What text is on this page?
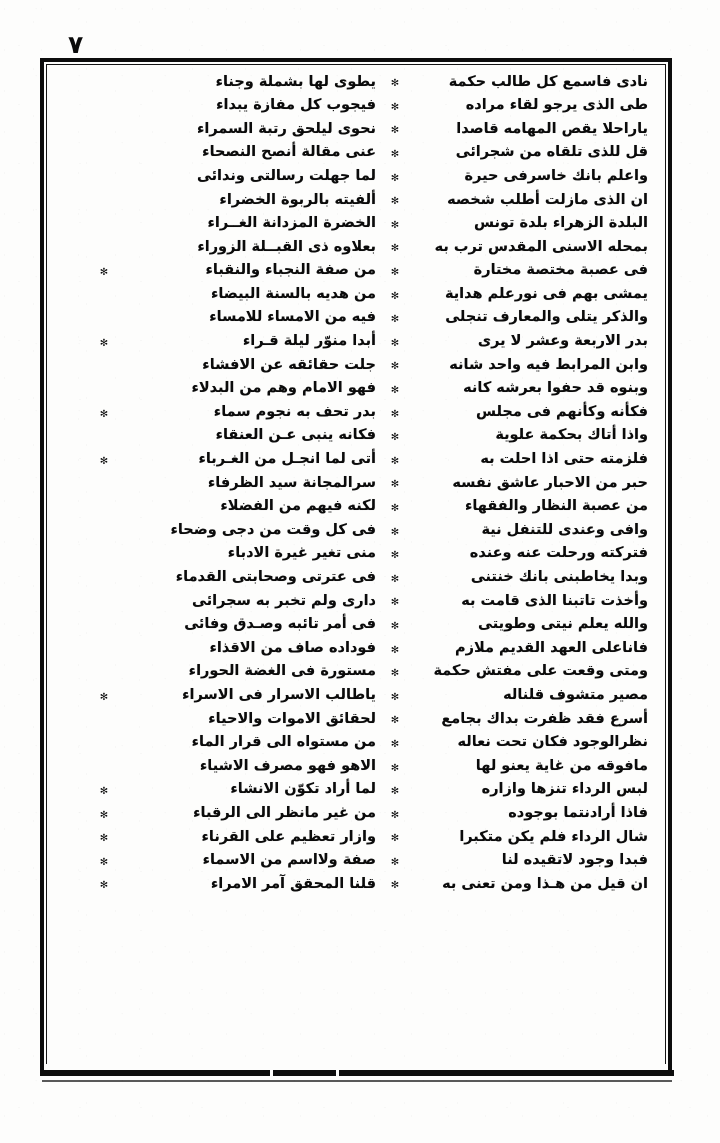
٧
نادى فاسمع كل طالب حكمة
✻
يطوى لها بشملة وجناء
طى الذى يرجو لقاء مراده
✻
فيجوب كل مفازة يبداء
ياراحلا يقص المهامه قاصدا
✻
نحوى ليلحق رتبة السمراء
قل للذى تلقاه من شجرائى
✻
عنى مقالة أنصح النصحاء
واعلم بانك خاسرفى حيرة
✻
لما جهلت رسالتى وندائى
ان الذى مازلت أطلب شخصه
✻
ألفيته بالربوة الخضراء
البلدة الزهراء بلدة تونس
✻
الخضرة المزدانة الغــراء
بمحله الاسنى المقدس ترب به
✻
بعلاوه ذى القبــلة الزوراء
فى عصبة مختصة مختارة
✻
من صفة النجباء والنقباء
✻
يمشى بهم فى نورعلم هداية
✻
من هديه بالسنة البيضاء
والذكر يتلى والمعارف تنجلى
✻
فيه من الامساء للامساء
بدر الاربعة وعشر لا يرى
✻
أبدا منوّر ليلة قـراء
✻
وابن المرابط فيه واحد شانه
✻
جلت حقائقه عن الافشاء
وبنوه قد حفوا بعرشه كانه
✻
فهو الامام وهم من البدلاء
فكأنه وكأنهم فى مجلس
✻
بدر تحف به نجوم سماء
✻
واذا أتاك بحكمة علوية
✻
فكانه ينبى عـن العنقاء
فلزمته حتى اذا احلت به
✻
أتى لما انجـل من الغـرباء
✻
حبر من الاحبار عاشق نفسه
✻
سرالمجانة سيد الظرفاء
من عصبة النظار والفقهاء
✻
لكنه فيهم من الفضلاء
وافى وعندى للتنفل نية
✻
فى كل وقت من دجى وضحاء
فتركته ورحلت عنه وعنده
✻
منى تغير غيرة الادباء
وبدا يخاطبنى بانك خنتنى
✻
فى عترتى وصحابتى القدماء
وأخذت تاتبنا الذى قامت به
✻
دارى ولم تخبر به سجرائى
والله يعلم نيتى وطويتى
✻
فى أمر تائبه وصـدق وفائى
فاناعلى العهد القديم ملازم
✻
فوداده صاف من الاقذاء
ومتى وقعت على مفتش حكمة
✻
مستورة فى الغضة الحوراء
مصير متشوف قلناله
✻
ياطالب الاسرار فى الاسراء
✻
أسرع فقد ظفرت بداك بجامع
✻
لحقائق الاموات والاحياء
نظرالوجود فكان تحت نعاله
✻
من مستواه الى قرار الماء
مافوقه من غاية يعنو لها
✻
الاهو فهو مصرف الاشياء
لبس الرداء تنزها وازاره
✻
لما أراد تكوّن الانشاء
✻
فاذا أرادنتما بوجوده
✻
من غير مانظر الى الرقباء
✻
شال الرداء فلم يكن متكبرا
✻
وازار تعظيم على القرناء
✻
فبدا وجود لاتقيده لنا
✻
صفة ولااسم من الاسماء
✻
ان قيل من هـذا ومن تعنى به
✻
قلنا المحقق آمر الامراء
✻
